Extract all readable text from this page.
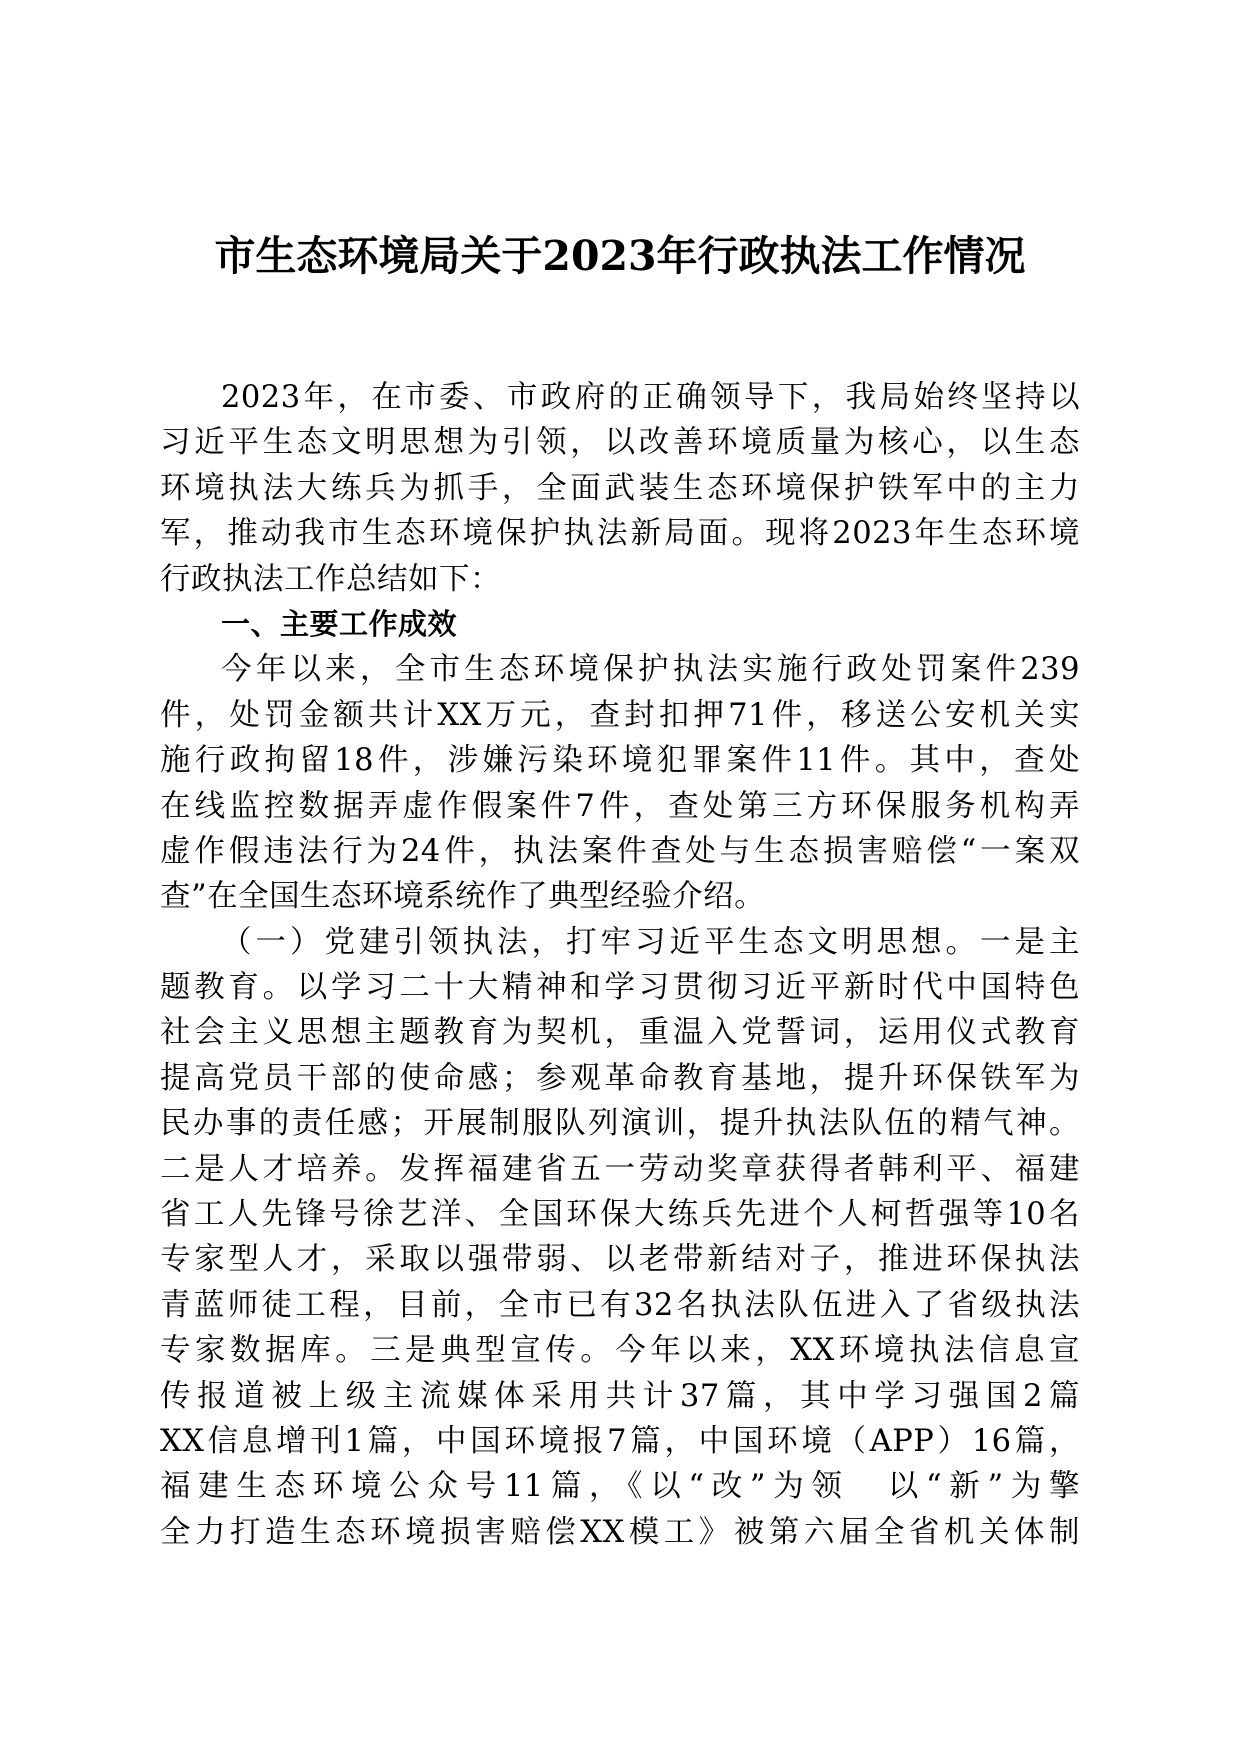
市生态环境局关于2023年行政执法工作情况
2023年，在市委、市政府的正确领导下，我局始终坚持以
习近平生态文明思想为引领，以改善环境质量为核心，以生态
环境执法大练兵为抓手，全面武装生态环境保护铁军中的主力
军，推动我市生态环境保护执法新局面。现将2023年生态环境
行政执法工作总结如下：
一、主要工作成效
今年以来，全市生态环境保护执法实施行政处罚案件239
件，处罚金额共计XX万元，查封扣押71件，移送公安机关实
施行政拘留18件，涉嫌污染环境犯罪案件11件。其中，查处
在线监控数据弄虚作假案件7件，查处第三方环保服务机构弄
虚作假违法行为24件，执法案件查处与生态损害赔偿“一案双
查”在全国生态环境系统作了典型经验介绍。
（一）党建引领执法，打牢习近平生态文明思想。一是主
题教育。以学习二十大精神和学习贯彻习近平新时代中国特色
社会主义思想主题教育为契机，重温入党誓词，运用仪式教育
提高党员干部的使命感；参观革命教育基地，提升环保铁军为
民办事的责任感；开展制服队列演训，提升执法队伍的精气神。
二是人才培养。发挥福建省五一劳动奖章获得者韩利平、福建
省工人先锋号徐艺洋、全国环保大练兵先进个人柯哲强等10名
专家型人才，采取以强带弱、以老带新结对子，推进环保执法
青蓝师徒工程，目前，全市已有32名执法队伍进入了省级执法
专家数据库。三是典型宣传。今年以来，XX环境执法信息宣
传报道被上级主流媒体采用共计37篇，其中学习强国2篇
XX信息增刊1篇，中国环境报7篇，中国环境（APP）16篇，
福建生态环境公众号11篇，《以“改”为领　以“新”为擎
全力打造生态环境损害赔偿XX模工》被第六届全省机关体制
